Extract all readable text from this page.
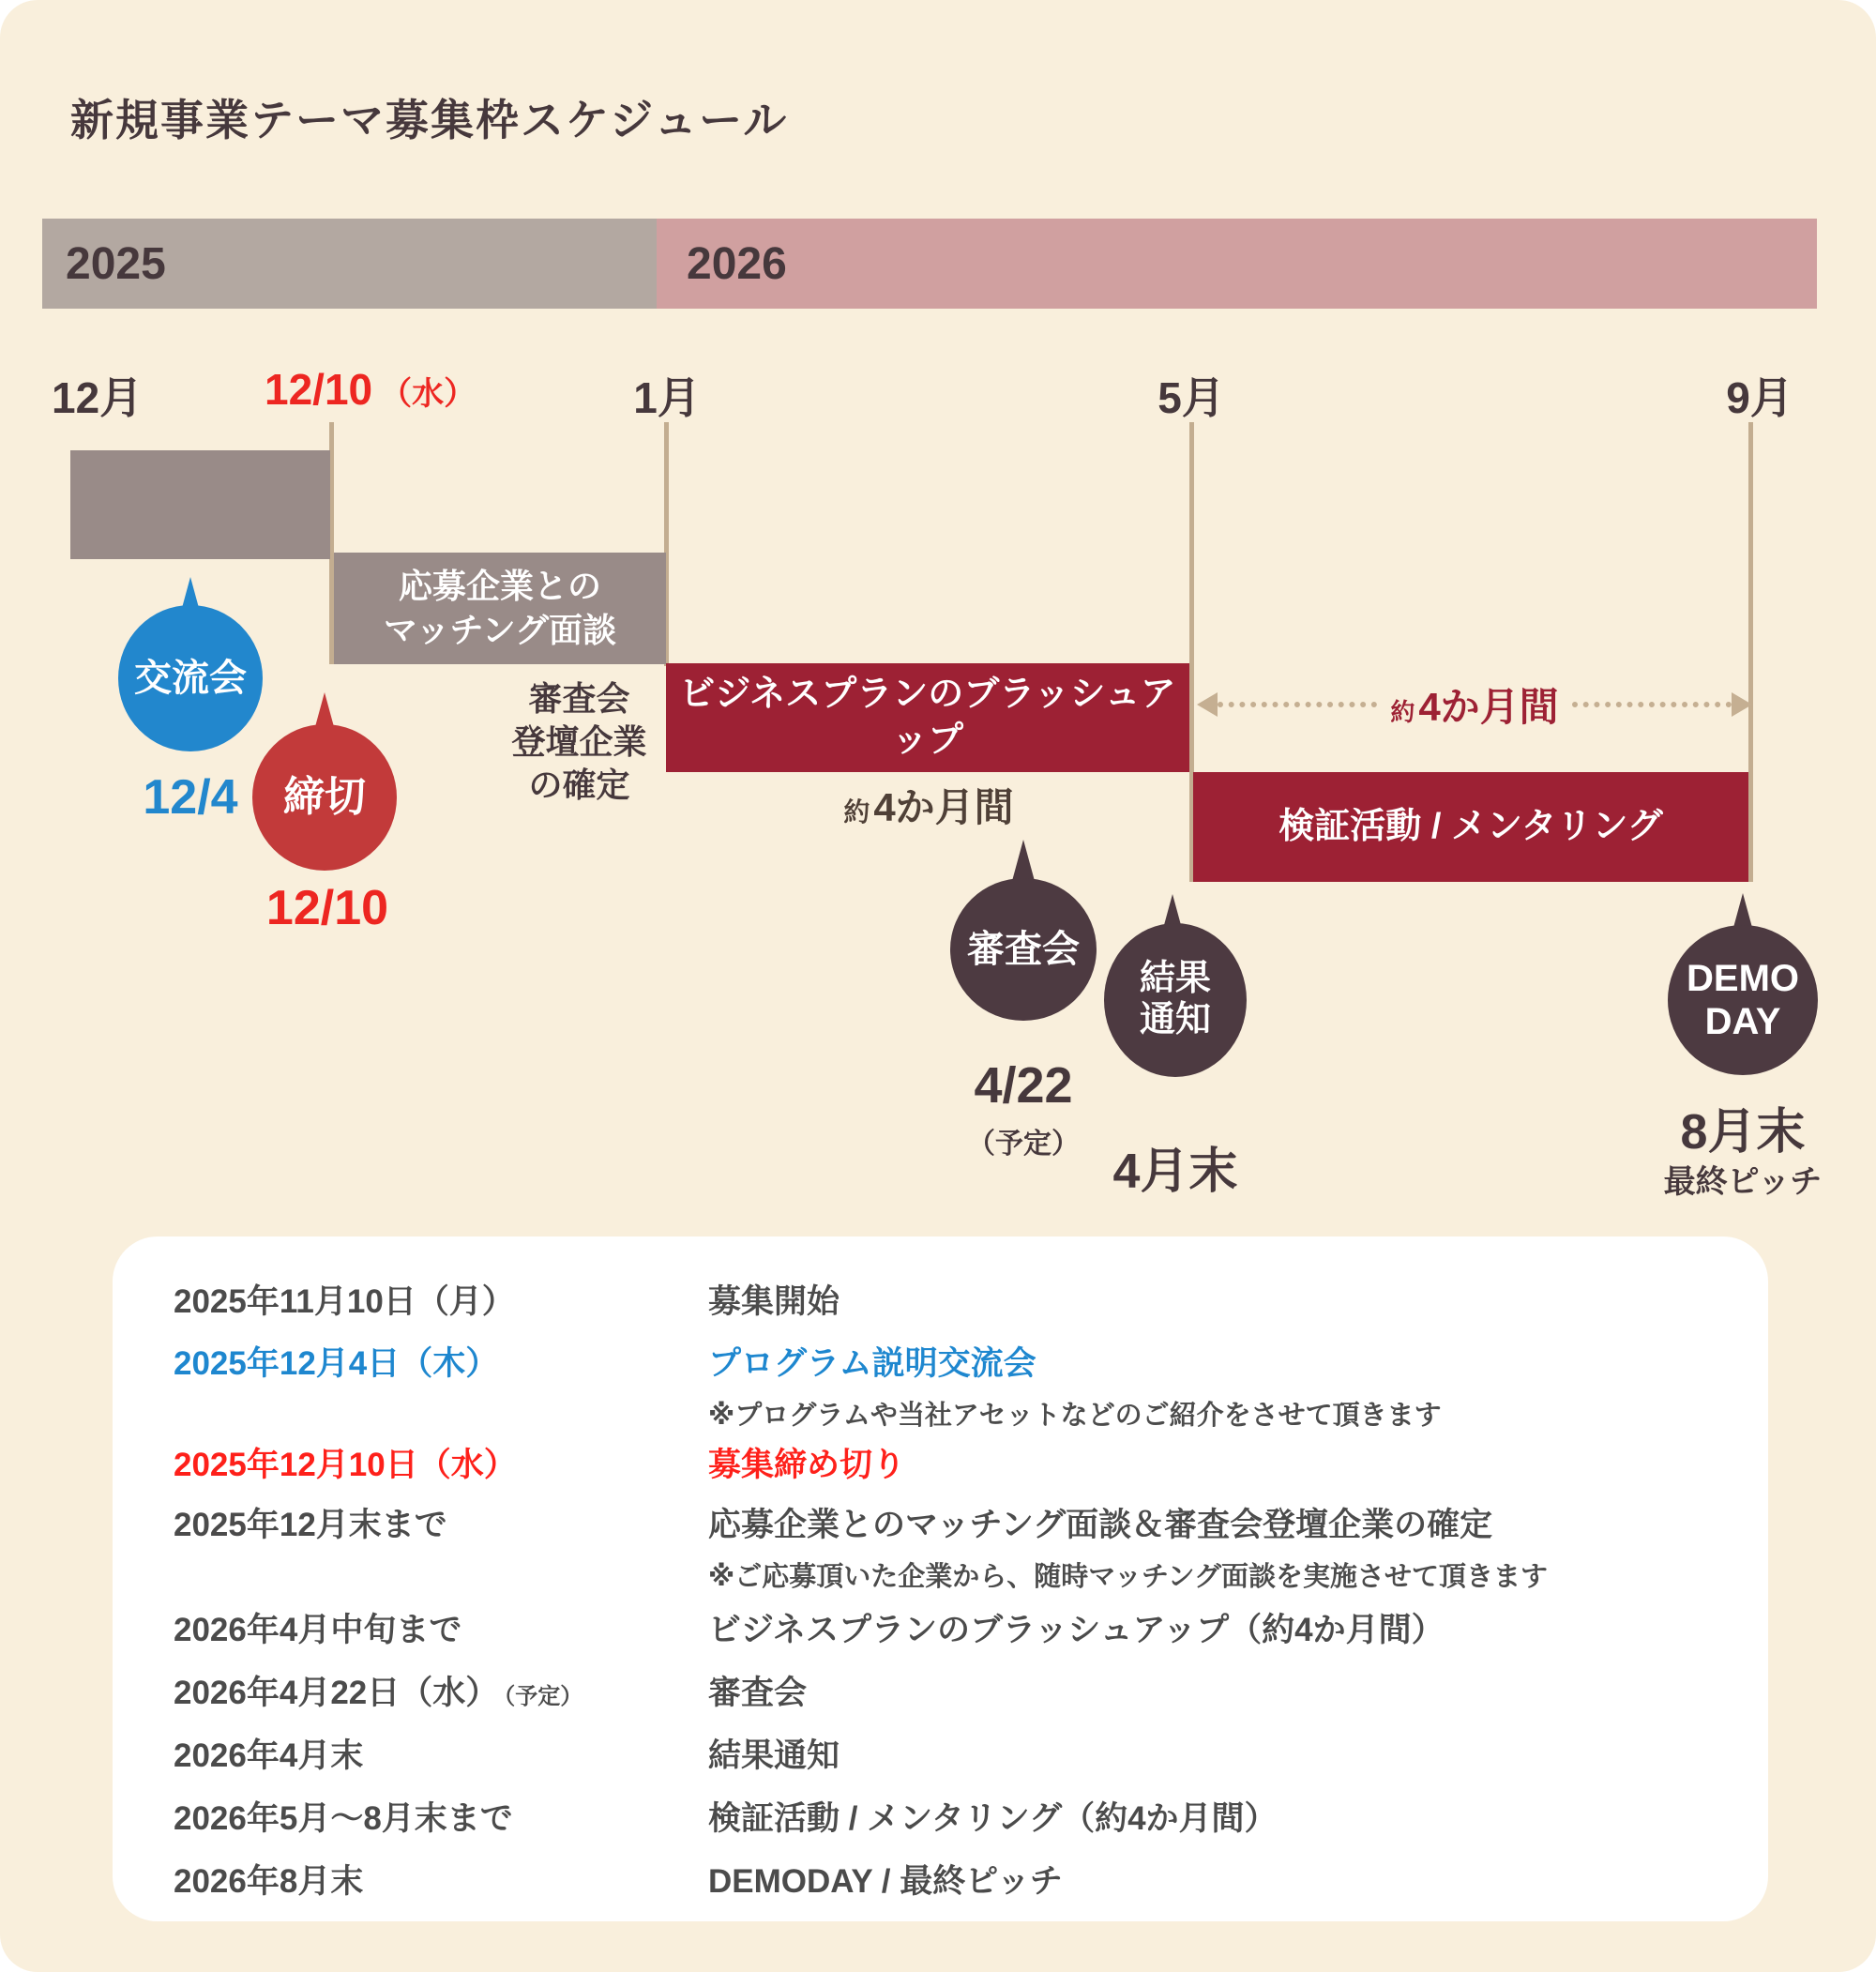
新規事業テーマ募集枠スケジュール
2025	2026
12月	12/10 （水）	1月	5月	9月
応募企業との
マッチング面談
ビジネスプランのブラッシュアップ
検証活動 / メンタリング
審査会
登壇企業
の確定
約4か月間
約4か月間
交流会
12/4	締切
12/10
審査会
4/22
（予定）
結果
通知
4月末
DEMO
DAY
8月末
最終ピッチ
2025年11月10日（月）	募集開始
2025年12月4日（木）	プログラム説明交流会
※プログラムや当社アセットなどのご紹介をさせて頂きます
2025年12月10日（水）	募集締め切り
2025年12月末まで	応募企業とのマッチング面談＆審査会登壇企業の確定
※ご応募頂いた企業から、随時マッチング面談を実施させて頂きます
2026年4月中旬まで	ビジネスプランのブラッシュアップ（約4か月間）
2026年4月22日（水） （予定）	審査会
2026年4月末	結果通知
2026年5月〜8月末まで	検証活動 / メンタリング（約4か月間）
2026年8月末	DEMODAY / 最終ピッチ
